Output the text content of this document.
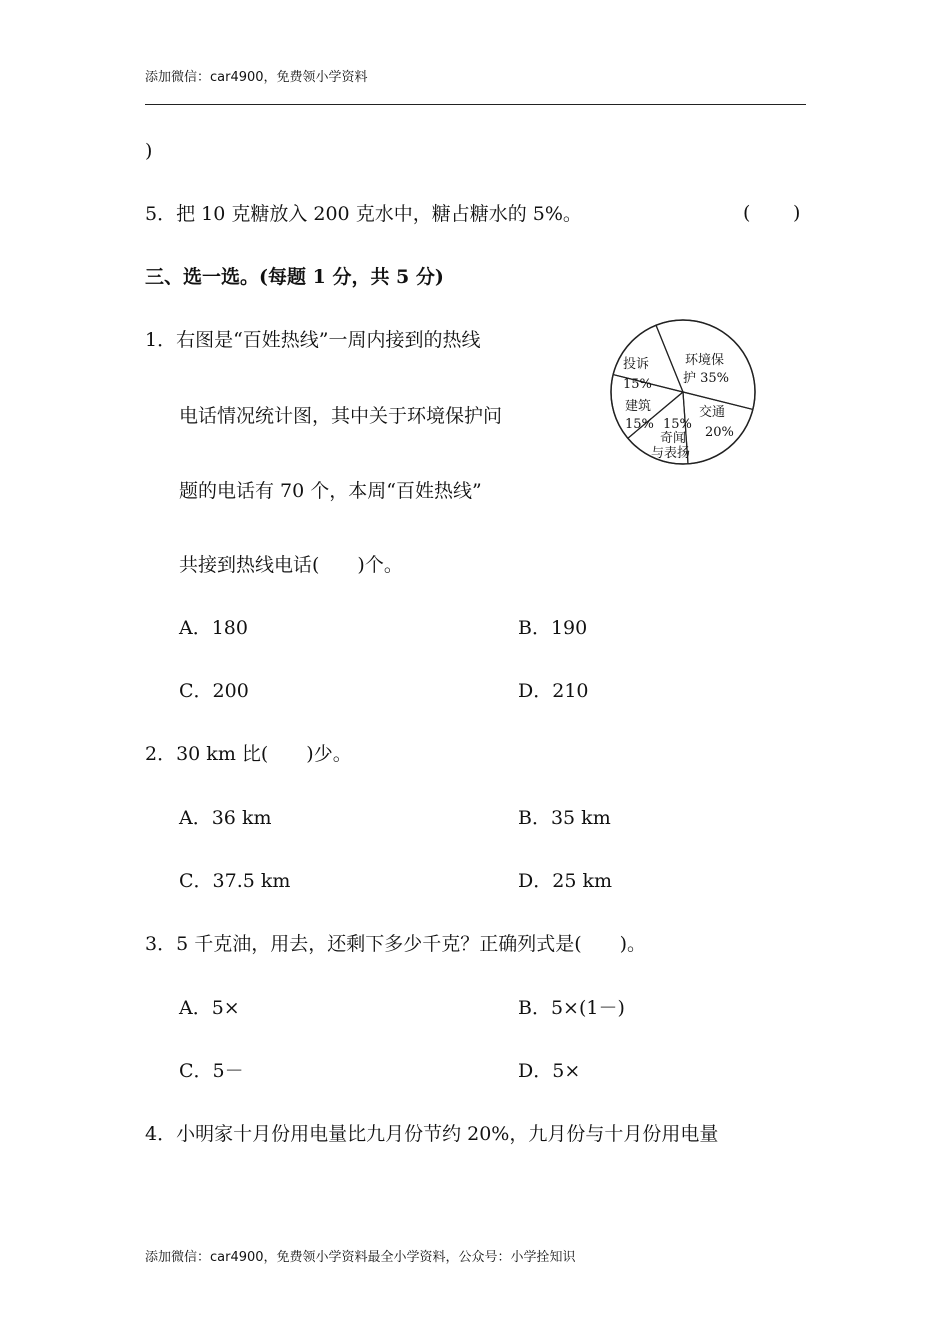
添加微信：car4900，免费领小学资料
)
5．把 10 克糖放入 200 克水中，糖占糖水的 5%。	( )
三、选一选。(每题 1 分，共 5 分)
1．右图是“百姓热线”一周内接到的热线
电话情况统计图，其中关于环境保护问
题的电话有 70 个，本周“百姓热线”
共接到热线电话(　　)个。
环境保
护 35%
交通
20%
15%
奇闻
与表扬
建筑
15%
投诉
15%
A．180	B．190
C．200	D．210
2．30 km 比(　　)少。
A．36 km	B．35 km
C．37.5 km	D．25 km
3．5 千克油，用去，还剩下多少千克？正确列式是(　　)。
A．5×	B．5×(1－)
C．5－	D．5×
4．小明家十月份用电量比九月份节约 20%，九月份与十月份用电量
添加微信：car4900，免费领小学资料最全小学资料，公众号：小学拴知识
